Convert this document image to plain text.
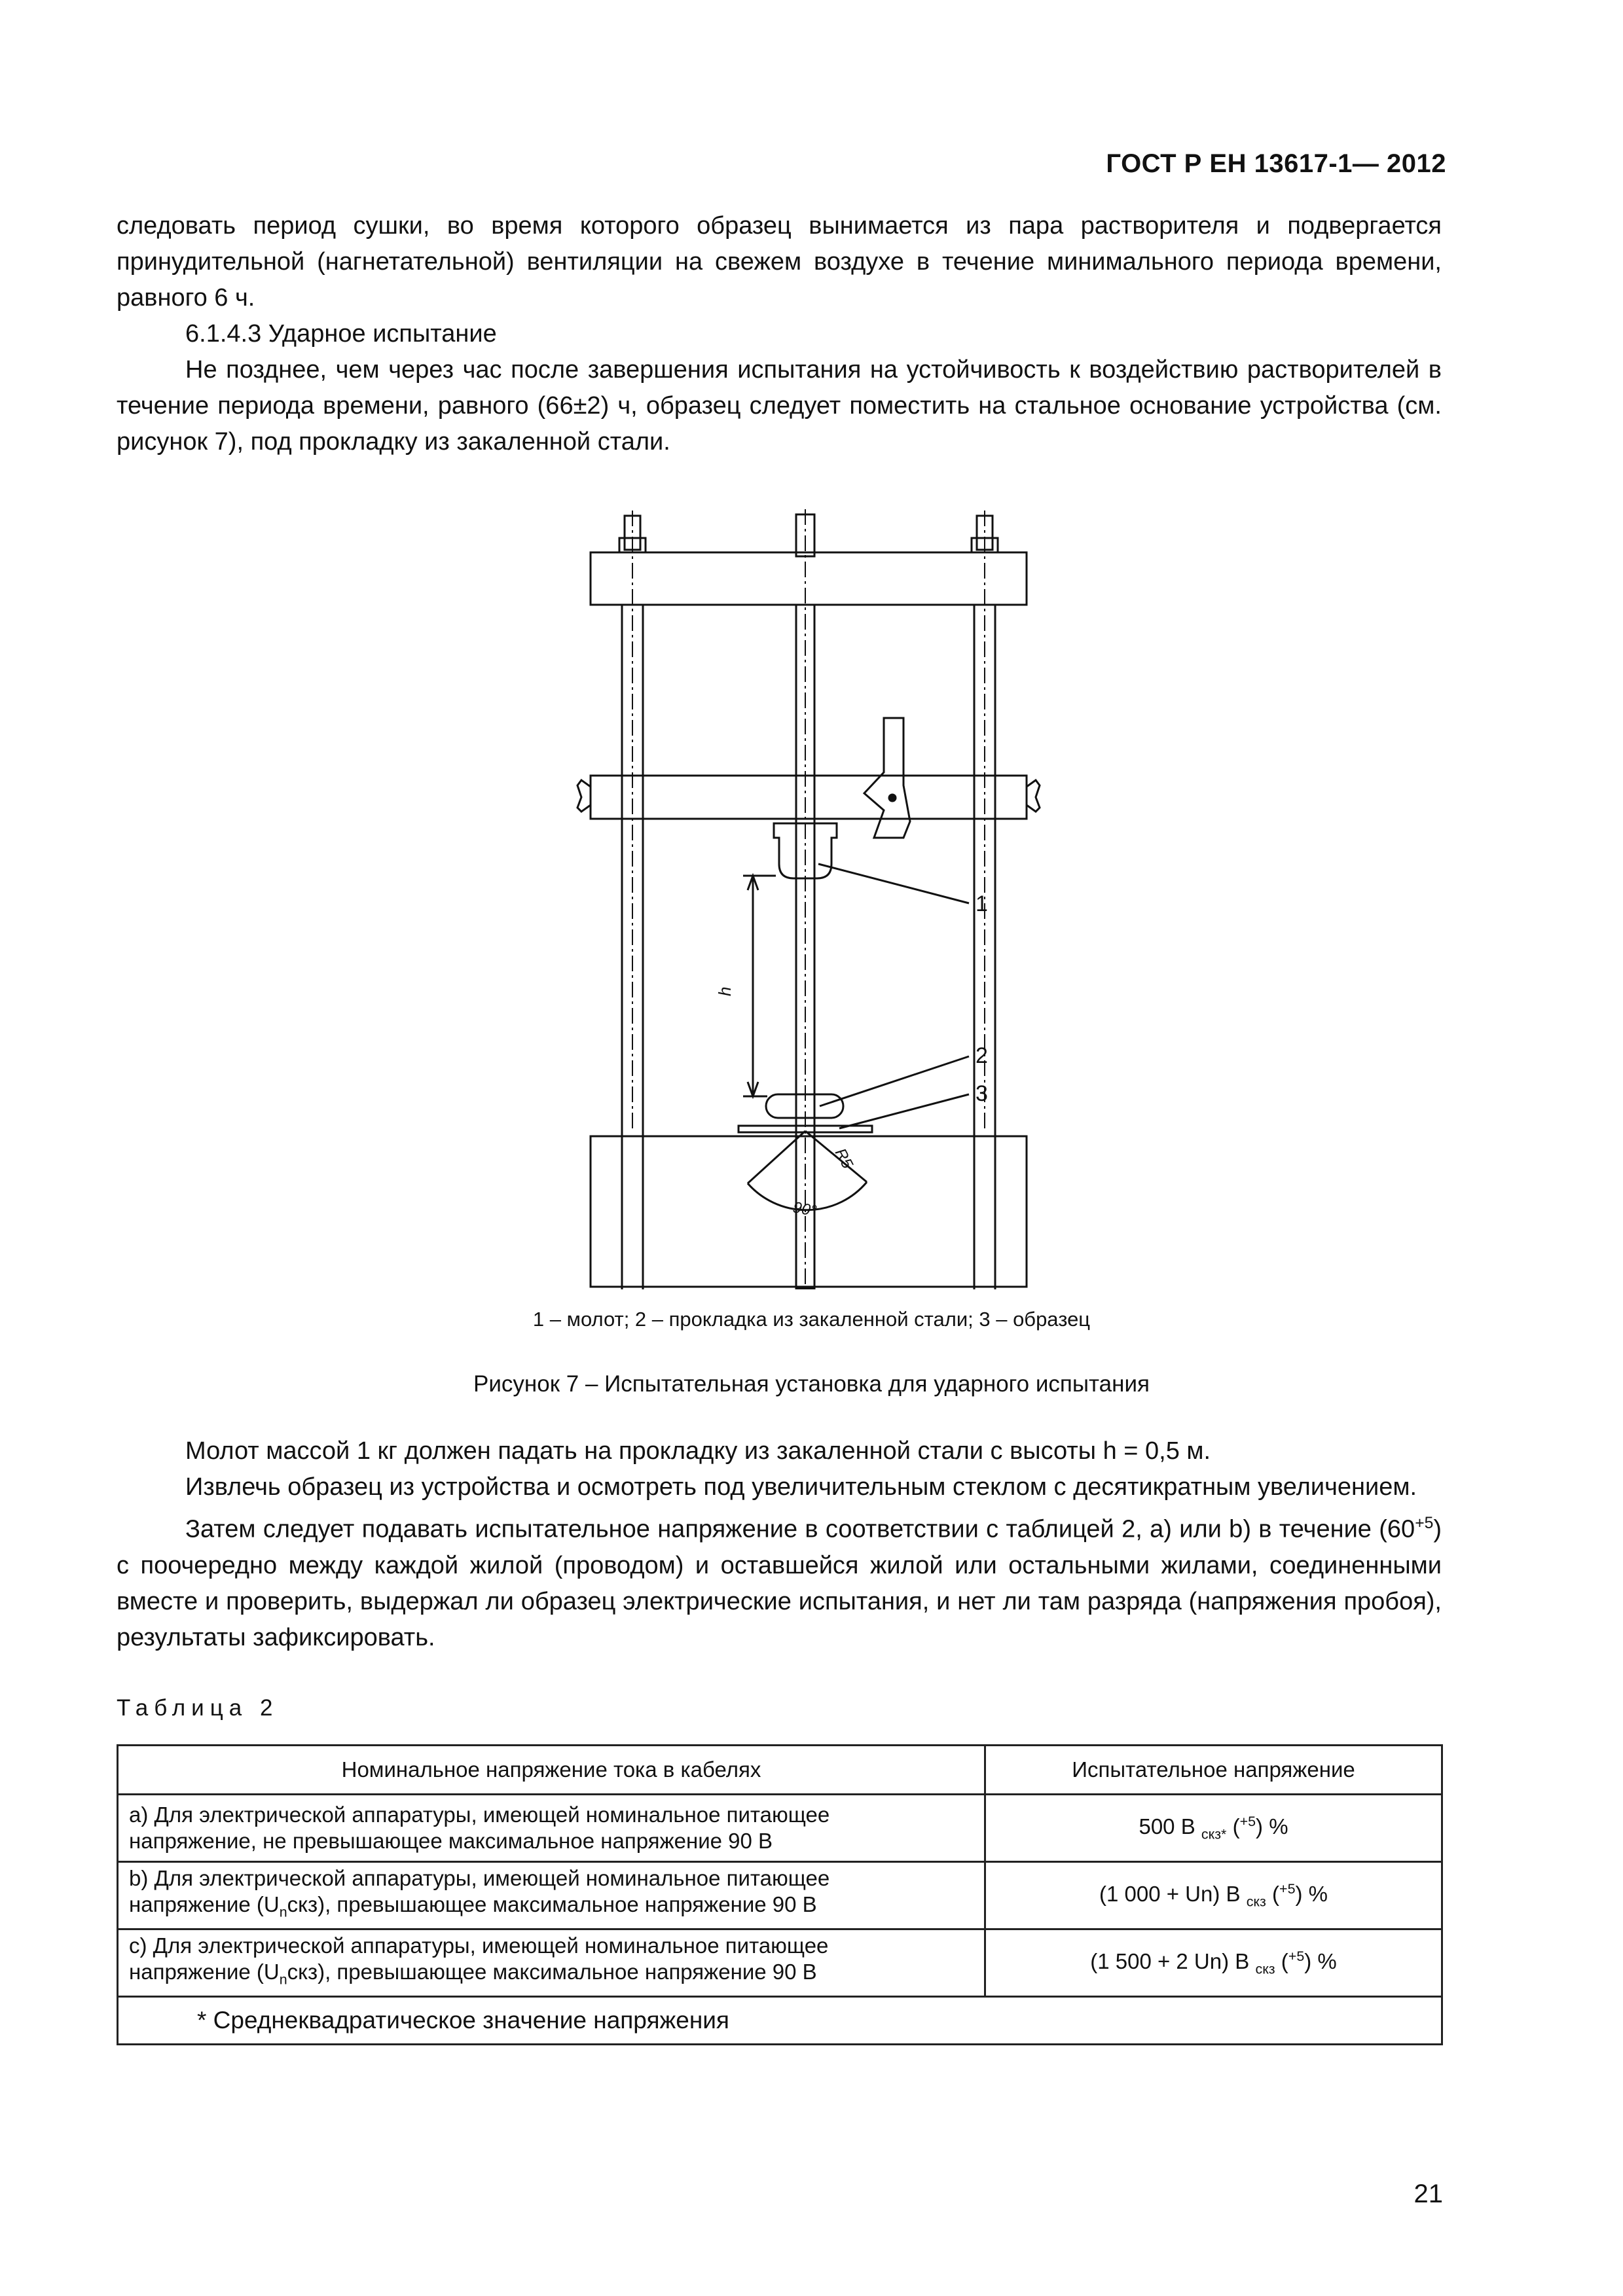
ГОСТ Р ЕН 13617-1— 2012

следовать период сушки, во время которого образец вынимается из пара растворителя и подвергается принудительной (нагнетательной) вентиляции на свежем воздухе в течение минимального периода времени, равного 6 ч.

6.1.4.3 Ударное испытание

Не позднее, чем через час после завершения испытания на устойчивость к воздействию растворителей в течение периода времени, равного (66±2) ч, образец следует поместить на стальное основание устройства (см. рисунок 7), под прокладку из закаленной стали.

1
2
3
h
90°
R5
1 – молот; 2 – прокладка из закаленной стали; 3 – образец
Рисунок 7 – Испытательная установка для ударного испытания

Молот массой 1 кг должен падать на прокладку из закаленной стали с высоты h = 0,5 м.

Извлечь образец из устройства и осмотреть под увеличительным стеклом с десятикратным увеличением.

Затем следует подавать испытательное напряжение в соответствии с таблицей 2, а) или b) в течение $(60^{+5})$ с поочередно между каждой жилой (проводом) и оставшейся жилой или остальными жилами, соединенными вместе и проверить, выдержал ли образец электрические испытания, и нет ли там разряда (напряжения пробоя), результаты зафиксировать.

Таблица 2
Номинальное напряжение тока в кабелях	Испытательное напряжение
а) Для электрической аппаратуры, имеющей номинальное питающее
напряжение, не превышающее максимальное напряжение 90 В	500 В $_{скз*}$ ($^{+5}$) %
b) Для электрической аппаратуры, имеющей номинальное питающее
напряжение $(U_nскз)$, превышающее максимальное напряжение 90 В	(1 000 + Un) В $_{скз}$ ($^{+5}$) %
c) Для электрической аппаратуры, имеющей номинальное питающее
напряжение $(U_nскз)$, превышающее максимальное напряжение 90 В	(1 500 + 2 Un) В $_{скз}$ ($^{+5}$) %
* Среднеквадратическое значение напряжения	
21
